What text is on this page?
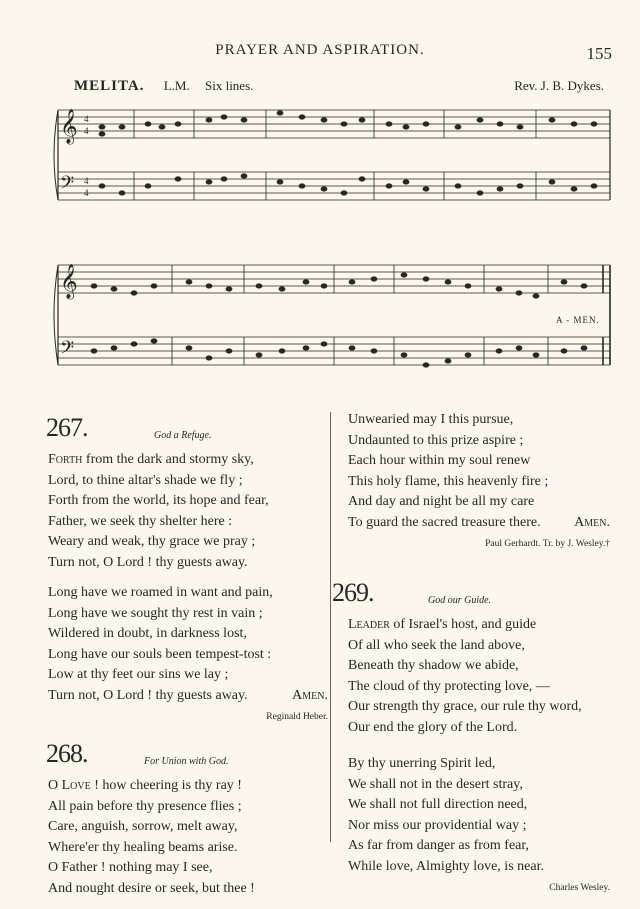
PRAYER AND ASPIRATION.	155
MELITA. L.M. Six lines.	Rev. J. B. Dykes.
𝄞
𝄢
4
4
4
4
𝄞
𝄢
A - MEN.
267.	God a Refuge.
Forth from the dark and stormy sky,
Lord, to thine altar's shade we fly ;
Forth from the world, its hope and fear,
Father, we seek thy shelter here :
Weary and weak, thy grace we pray ;
Turn not, O Lord ! thy guests away.
Long have we roamed in want and pain,
Long have we sought thy rest in vain ;
Wildered in doubt, in darkness lost,
Long have our souls been tempest-tost :
Low at thy feet our sins we lay ;
Turn not, O Lord ! thy guests away.	Amen.
Reginald Heber.
268.	For Union with God.
O Love ! how cheering is thy ray !
All pain before thy presence flies ;
Care, anguish, sorrow, melt away,
Where'er thy healing beams arise.
O Father ! nothing may I see,
And nought desire or seek, but thee !
Unwearied may I this pursue,
Undaunted to this prize aspire ;
Each hour within my soul renew
This holy flame, this heavenly fire ;
And day and night be all my care
To guard the sacred treasure there. Amen.
Paul Gerhardt. Tr. by J. Wesley.†
269.	God our Guide.
Leader of Israel's host, and guide
Of all who seek the land above,
Beneath thy shadow we abide,
The cloud of thy protecting love, —
Our strength thy grace, our rule thy word,
Our end the glory of the Lord.
By thy unerring Spirit led,
We shall not in the desert stray,
We shall not full direction need,
Nor miss our providential way ;
As far from danger as from fear,
While love, Almighty love, is near.
Charles Wesley.
